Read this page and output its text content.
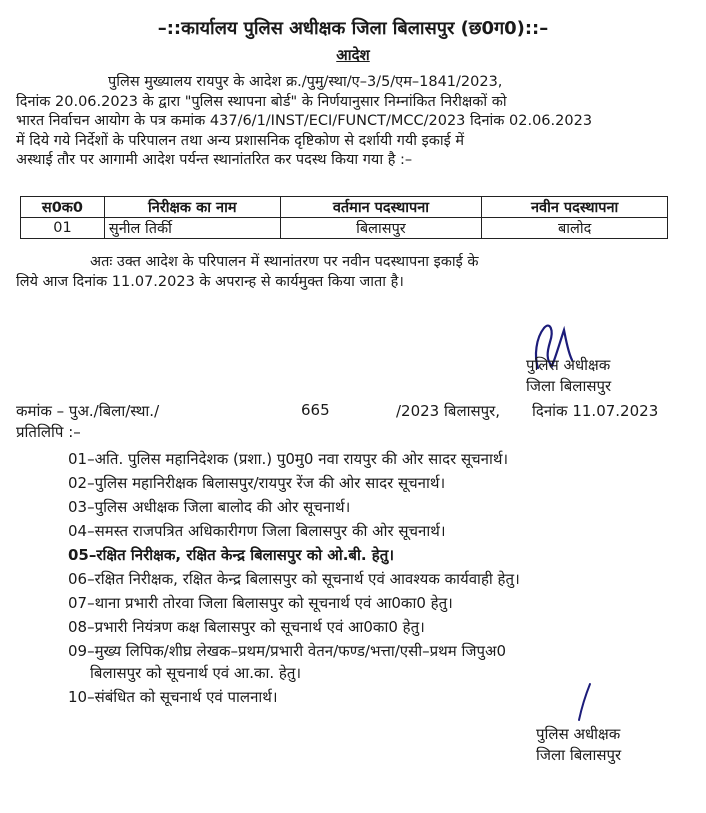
–::कार्यालय पुलिस अधीक्षक जिला बिलासपुर (छ0ग0)::–
आदेश
पुलिस मुख्यालय रायपुर के आदेश क्र./पुमु/स्था/ए–3/5/एम–1841/2023,
दिनांक 20.06.2023 के द्वारा "पुलिस स्थापना बोर्ड" के निर्णयानुसार निम्नांकित निरीक्षकों को
भारत निर्वाचन आयोग के पत्र कमांक 437/6/1/INST/ECI/FUNCT/MCC/2023 दिनांक 02.06.2023
में दिये गये निर्देशों के परिपालन तथा अन्य प्रशासनिक दृष्टिकोण से दर्शायी गयी इकाई में
अस्थाई तौर पर आगामी आदेश पर्यन्त स्थानांतरित कर पदस्थ किया गया है :–
स0क0	निरीक्षक का नाम	वर्तमान पदस्थापना	नवीन पदस्थापना
01	सुनील तिर्की	बिलासपुर	बालोद
अतः उक्त आदेश के परिपालन में स्थानांतरण पर नवीन पदस्थापना इकाई के
लिये आज दिनांक 11.07.2023 के अपरान्ह से कार्यमुक्त किया जाता है।
पुलिस अधीक्षक
जिला बिलासपुर
कमांक – पुअ./बिला/स्था./	665	/2023 बिलासपुर, दिनांक 11.07.2023
प्रतिलिपि :–
01–अति. पुलिस महानिदेशक (प्रशा.) पु0मु0 नवा रायपुर की ओर सादर सूचनार्थ।
02–पुलिस महानिरीक्षक बिलासपुर/रायपुर रेंज की ओर सादर सूचनार्थ।
03–पुलिस अधीक्षक जिला बालोद की ओर सूचनार्थ।
04–समस्त राजपत्रित अधिकारीगण जिला बिलासपुर की ओर सूचनार्थ।
05–रक्षित निरीक्षक, रक्षित केन्द्र बिलासपुर को ओ.बी. हेतु।
06–रक्षित निरीक्षक, रक्षित केन्द्र बिलासपुर को सूचनार्थ एवं आवश्यक कार्यवाही हेतु।
07–थाना प्रभारी तोरवा जिला बिलासपुर को सूचनार्थ एवं आ0का0 हेतु।
08–प्रभारी नियंत्रण कक्ष बिलासपुर को सूचनार्थ एवं आ0का0 हेतु।
09–मुख्य लिपिक/शीघ्र लेखक–प्रथम/प्रभारी वेतन/फण्ड/भत्ता/एसी–प्रथम जिपुअ0
बिलासपुर को सूचनार्थ एवं आ.का. हेतु।
10–संबंधित को सूचनार्थ एवं पालनार्थ।
पुलिस अधीक्षक
जिला बिलासपुर
